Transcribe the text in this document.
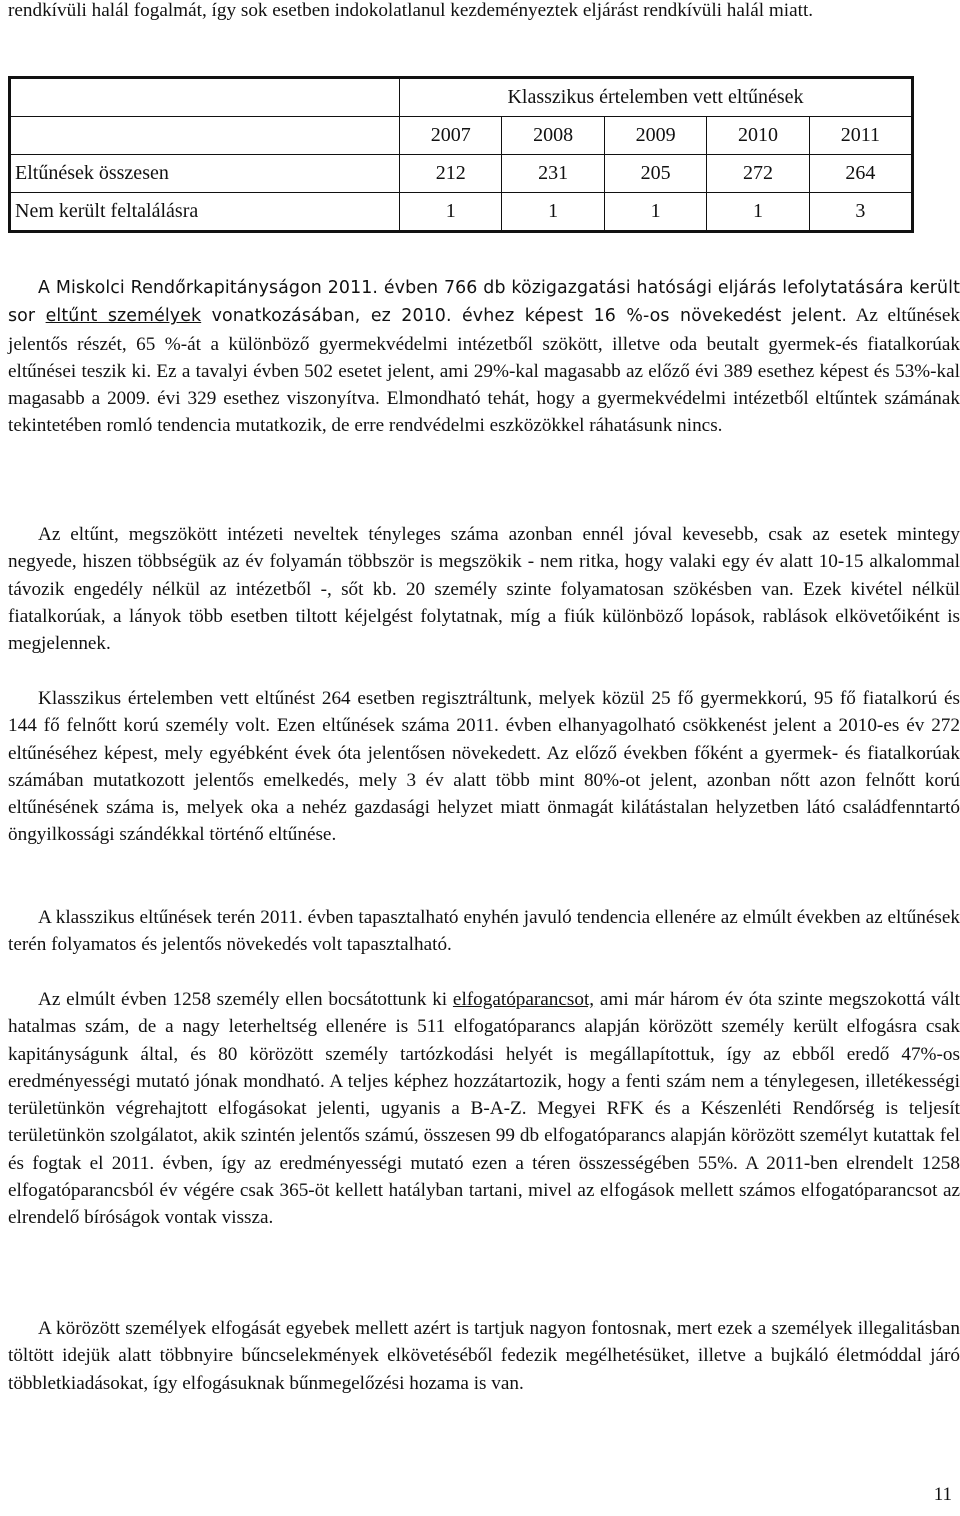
rendkívüli halál fogalmát, így sok esetben indokolatlanul kezdeményeztek eljárást rendkívüli halál miatt.

	Klasszikus értelemben vett eltűnések				
	2007	2008	2009	2010	2011
Eltűnések összesen	212	231	205	272	264
Nem került feltalálásra	1	1	1	1	3

A Miskolci Rendőrkapitányságon 2011. évben 766 db közigazgatási hatósági eljárás lefolytatására került sor eltűnt személyek vonatkozásában, ez 2010. évhez képest 16 %-os növekedést jelent. Az eltűnések jelentős részét, 65 %-át a különböző gyermekvédelmi intézetből szökött, illetve oda beutalt gyermek-és fiatalkorúak eltűnései teszik ki. Ez a tavalyi évben 502 esetet jelent, ami 29%-kal magasabb az előző évi 389 esethez képest és 53%-kal magasabb a 2009. évi 329 esethez viszonyítva. Elmondható tehát, hogy a gyermekvédelmi intézetből eltűntek számának tekintetében romló tendencia mutatkozik, de erre rendvédelmi eszközökkel ráhatásunk nincs.

Az eltűnt, megszökött intézeti neveltek tényleges száma azonban ennél jóval kevesebb, csak az esetek mintegy negyede, hiszen többségük az év folyamán többször is megszökik - nem ritka, hogy valaki egy év alatt 10-15 alkalommal távozik engedély nélkül az intézetből -, sőt kb. 20 személy szinte folyamatosan szökésben van. Ezek kivétel nélkül fiatalkorúak, a lányok több esetben tiltott kéjelgést folytatnak, míg a fiúk különböző lopások, rablások elkövetőiként is megjelennek.

Klasszikus értelemben vett eltűnést 264 esetben regisztráltunk, melyek közül 25 fő gyermekkorú, 95 fő fiatalkorú és 144 fő felnőtt korú személy volt. Ezen eltűnések száma 2011. évben elhanyagolható csökkenést jelent a 2010-es év 272 eltűnéséhez képest, mely egyébként évek óta jelentősen növekedett. Az előző években főként a gyermek- és fiatalkorúak számában mutatkozott jelentős emelkedés, mely 3 év alatt több mint 80%-ot jelent, azonban nőtt azon felnőtt korú eltűnésének száma is, melyek oka a nehéz gazdasági helyzet miatt önmagát kilátástalan helyzetben látó családfenntartó öngyilkossági szándékkal történő eltűnése.

A klasszikus eltűnések terén 2011. évben tapasztalható enyhén javuló tendencia ellenére az elmúlt években az eltűnések terén folyamatos és jelentős növekedés volt tapasztalható.

Az elmúlt évben 1258 személy ellen bocsátottunk ki elfogatóparancsot, ami már három év óta szinte megszokottá vált hatalmas szám, de a nagy leterheltség ellenére is 511 elfogatóparancs alapján körözött személy került elfogásra csak kapitányságunk által, és 80 körözött személy tartózkodási helyét is megállapítottuk, így az ebből eredő 47%-os eredményességi mutató jónak mondható. A teljes képhez hozzátartozik, hogy a fenti szám nem a ténylegesen, illetékességi területünkön végrehajtott elfogásokat jelenti, ugyanis a B-A-Z. Megyei RFK és a Készenléti Rendőrség is teljesít területünkön szolgálatot, akik szintén jelentős számú, összesen 99 db elfogatóparancs alapján körözött személyt kutattak fel és fogtak el 2011. évben, így az eredményességi mutató ezen a téren összességében 55%. A 2011-ben elrendelt 1258 elfogatóparancsból év végére csak 365-öt kellett hatályban tartani, mivel az elfogások mellett számos elfogatóparancsot az elrendelő bíróságok vontak vissza.

A körözött személyek elfogását egyebek mellett azért is tartjuk nagyon fontosnak, mert ezek a személyek illegalitásban töltött idejük alatt többnyire bűncselekmények elkövetéséből fedezik megélhetésüket, illetve a bujkáló életmóddal járó többletkiadásokat, így elfogásuknak bűnmegelőzési hozama is van.

11
